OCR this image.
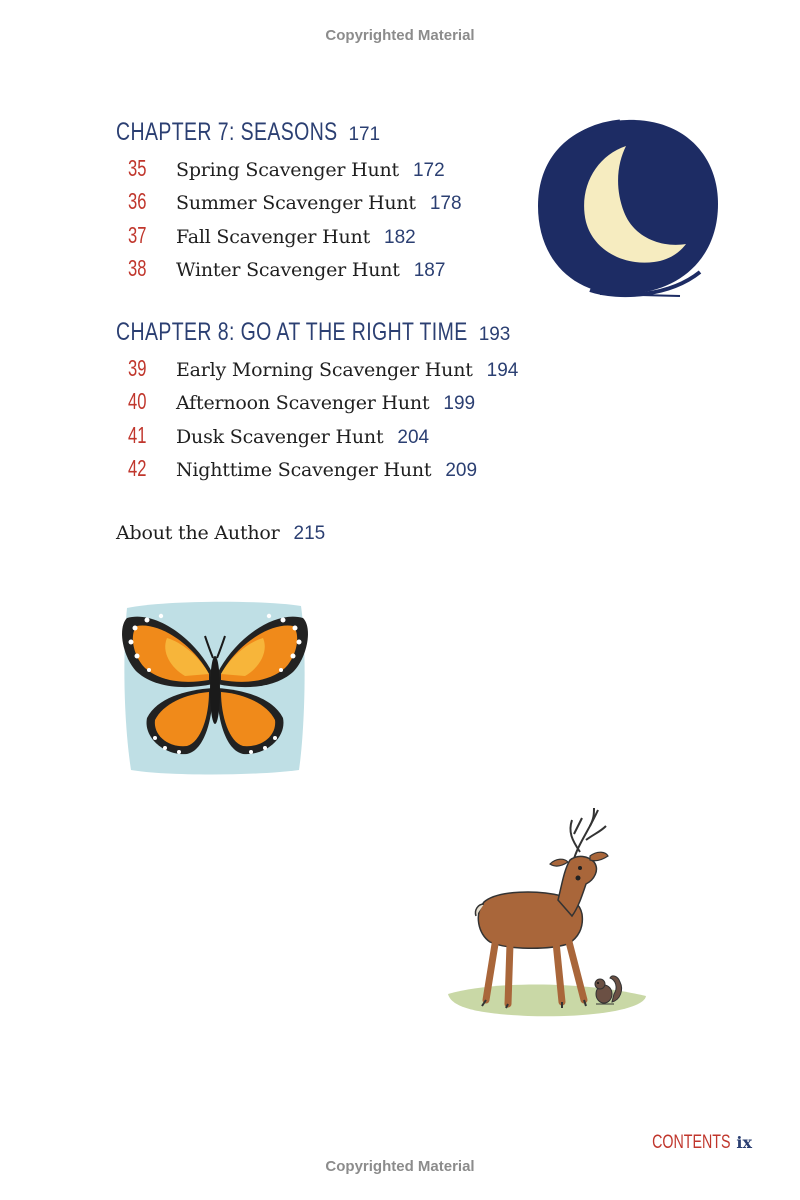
Copyrighted Material
CHAPTER 7: SEASONS 171
35 Spring Scavenger Hunt 172
36 Summer Scavenger Hunt 178
37 Fall Scavenger Hunt 182
38 Winter Scavenger Hunt 187
CHAPTER 8: GO AT THE RIGHT TIME 193
39 Early Morning Scavenger Hunt 194
40 Afternoon Scavenger Hunt 199
41 Dusk Scavenger Hunt 204
42 Nighttime Scavenger Hunt 209
About the Author 215
CONTENTS ix
Copyrighted Material
